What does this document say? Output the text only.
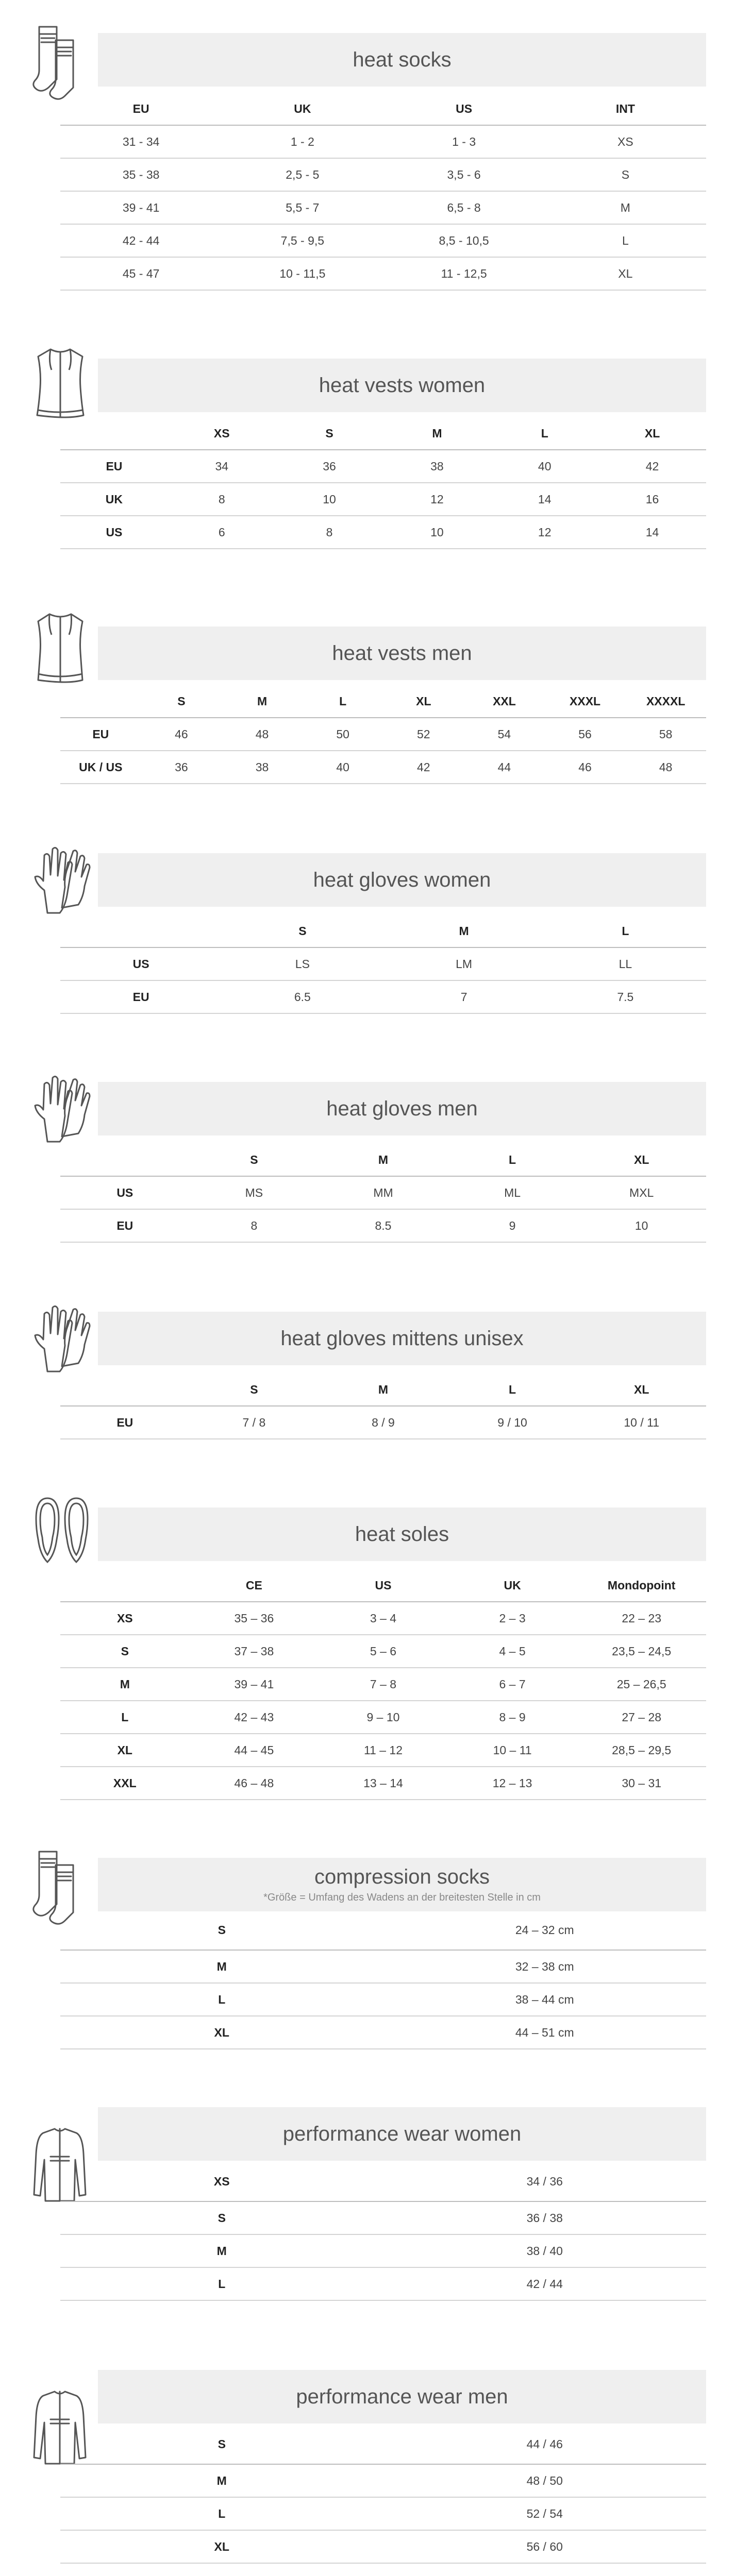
heat socks
EU	UK	US	INT
31 - 34	1 - 2	1 - 3	XS
35 - 38	2,5 - 5	3,5 - 6	S
39 - 41	5,5 - 7	6,5 - 8	M
42 - 44	7,5 - 9,5	8,5 - 10,5	L
45 - 47	10 - 11,5	11 - 12,5	XL
heat vests women
	XS	S	M	L	XL
EU	34	36	38	40	42
UK	8	10	12	14	16
US	6	8	10	12	14
heat vests men
	S	M	L	XL	XXL	XXXL	XXXXL
EU	46	48	50	52	54	56	58
UK / US	36	38	40	42	44	46	48
heat gloves women
	S	M	L
US	LS	LM	LL
EU	6.5	7	7.5
heat gloves men
	S	M	L	XL
US	MS	MM	ML	MXL
EU	8	8.5	9	10
heat gloves mittens unisex
	S	M	L	XL
EU	7 / 8	8 / 9	9 / 10	10 / 11
heat soles
	CE	US	UK	Mondopoint
XS	35 – 36	3 – 4	2 – 3	22 – 23
S	37 – 38	5 – 6	4 – 5	23,5 – 24,5
M	39 – 41	7 – 8	6 – 7	25 – 26,5
L	42 – 43	9 – 10	8 – 9	27 – 28
XL	44 – 45	11 – 12	10 – 11	28,5 – 29,5
XXL	46 – 48	13 – 14	12 – 13	30 – 31
compression socks
*Größe = Umfang des Wadens an der breitesten Stelle in cm
S	24 – 32 cm
M	32 – 38 cm
L	38 – 44 cm
XL	44 – 51 cm
performance wear women
XS	34 / 36
S	36 / 38
M	38 / 40
L	42 / 44
performance wear men
S	44 / 46
M	48 / 50
L	52 / 54
XL	56 / 60
